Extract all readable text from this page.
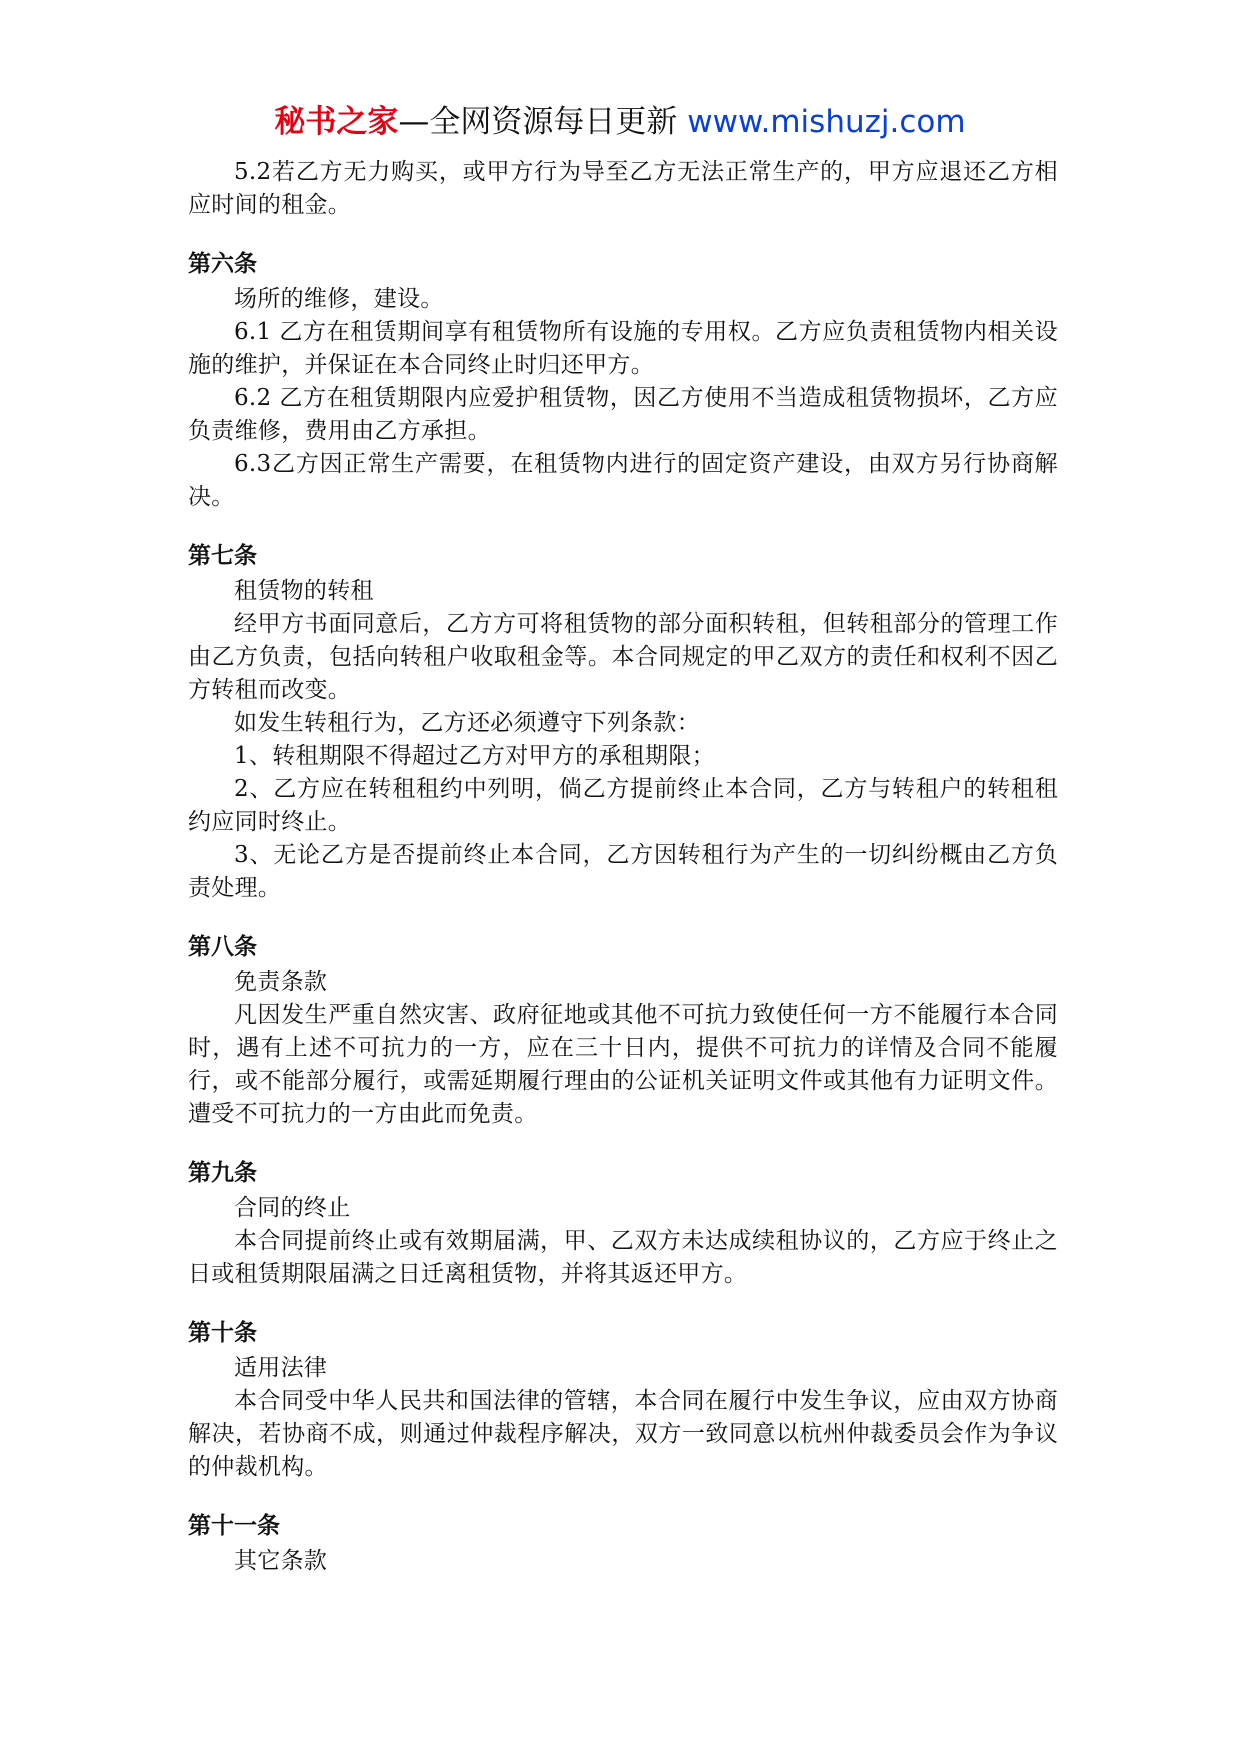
秘书之家—全网资源每日更新 www.mishuzj.com

5.2若乙方无力购买，或甲方行为导至乙方无法正常生产的，甲方应退还乙方相应时间的租金。

第六条

场所的维修，建设。

6.1 乙方在租赁期间享有租赁物所有设施的专用权。乙方应负责租赁物内相关设施的维护，并保证在本合同终止时归还甲方。

6.2 乙方在租赁期限内应爱护租赁物，因乙方使用不当造成租赁物损坏，乙方应负责维修，费用由乙方承担。

6.3乙方因正常生产需要，在租赁物内进行的固定资产建设，由双方另行协商解决。

第七条

租赁物的转租

经甲方书面同意后，乙方方可将租赁物的部分面积转租，但转租部分的管理工作由乙方负责，包括向转租户收取租金等。本合同规定的甲乙双方的责任和权利不因乙方转租而改变。

如发生转租行为，乙方还必须遵守下列条款：

1、转租期限不得超过乙方对甲方的承租期限；

2、乙方应在转租租约中列明，倘乙方提前终止本合同，乙方与转租户的转租租约应同时终止。

3、无论乙方是否提前终止本合同，乙方因转租行为产生的一切纠纷概由乙方负责处理。

第八条

免责条款

凡因发生严重自然灾害、政府征地或其他不可抗力致使任何一方不能履行本合同时，遇有上述不可抗力的一方，应在三十日内，提供不可抗力的详情及合同不能履行，或不能部分履行，或需延期履行理由的公证机关证明文件或其他有力证明文件。遭受不可抗力的一方由此而免责。

第九条

合同的终止

本合同提前终止或有效期届满，甲、乙双方未达成续租协议的，乙方应于终止之日或租赁期限届满之日迁离租赁物，并将其返还甲方。

第十条

适用法律

本合同受中华人民共和国法律的管辖，本合同在履行中发生争议，应由双方协商解决，若协商不成，则通过仲裁程序解决，双方一致同意以杭州仲裁委员会作为争议的仲裁机构。

第十一条

其它条款
